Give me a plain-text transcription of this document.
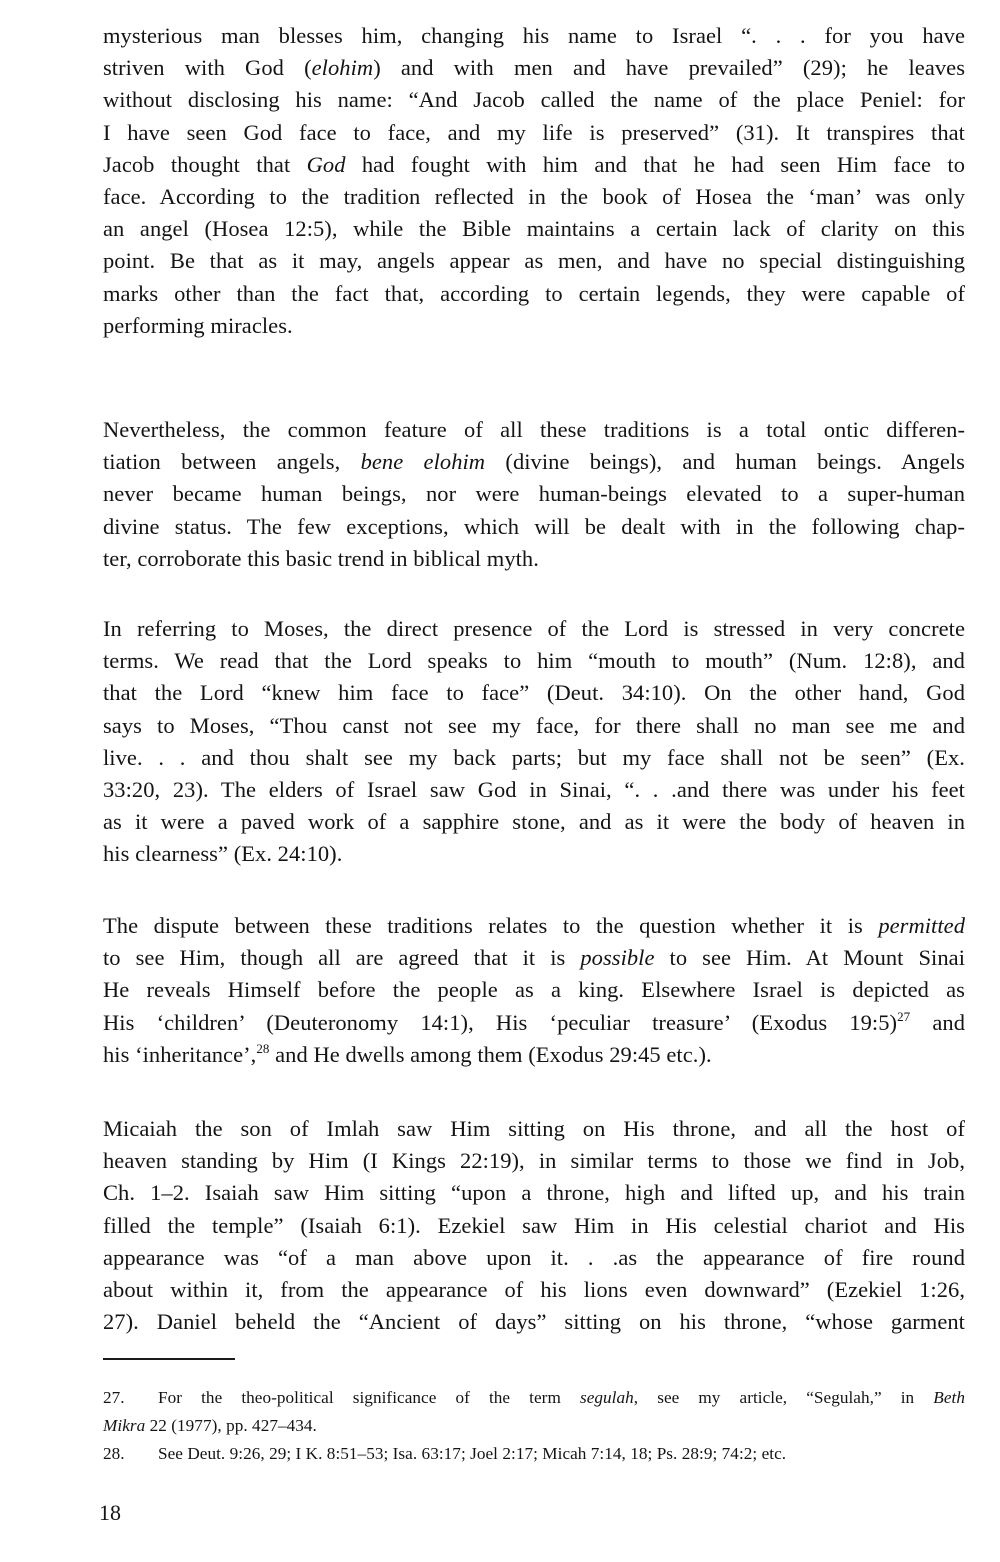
mysterious man blesses him, changing his name to Israel “. . . for you have
striven with God (elohim) and with men and have prevailed” (29); he leaves
without disclosing his name: “And Jacob called the name of the place Peniel: for
I have seen God face to face, and my life is preserved” (31). It transpires that
Jacob thought that God had fought with him and that he had seen Him face to
face. According to the tradition reflected in the book of Hosea the ‘man’ was only
an angel (Hosea 12:5), while the Bible maintains a certain lack of clarity on this
point. Be that as it may, angels appear as men, and have no special distinguishing
marks other than the fact that, according to certain legends, they were capable of
performing miracles.
Nevertheless, the common feature of all these traditions is a total ontic differen-
tiation between angels, bene elohim (divine beings), and human beings. Angels
never became human beings, nor were human-beings elevated to a super-human
divine status. The few exceptions, which will be dealt with in the following chap-
ter, corroborate this basic trend in biblical myth.
In referring to Moses, the direct presence of the Lord is stressed in very concrete
terms. We read that the Lord speaks to him “mouth to mouth” (Num. 12:8), and
that the Lord “knew him face to face” (Deut. 34:10). On the other hand, God
says to Moses, “Thou canst not see my face, for there shall no man see me and
live. . . and thou shalt see my back parts; but my face shall not be seen” (Ex.
33:20, 23). The elders of Israel saw God in Sinai, “. . .and there was under his feet
as it were a paved work of a sapphire stone, and as it were the body of heaven in
his clearness” (Ex. 24:10).
The dispute between these traditions relates to the question whether it is permitted
to see Him, though all are agreed that it is possible to see Him. At Mount Sinai
He reveals Himself before the people as a king. Elsewhere Israel is depicted as
His ‘children’ (Deuteronomy 14:1), His ‘peculiar treasure’ (Exodus 19:5)$^{27}$ and
his ‘inheritance’,$^{28}$ and He dwells among them (Exodus 29:45 etc.).
Micaiah the son of Imlah saw Him sitting on His throne, and all the host of
heaven standing by Him (I Kings 22:19), in similar terms to those we find in Job,
Ch. 1–2. Isaiah saw Him sitting “upon a throne, high and lifted up, and his train
filled the temple” (Isaiah 6:1). Ezekiel saw Him in His celestial chariot and His
appearance was “of a man above upon it. . .as the appearance of fire round
about within it, from the appearance of his lions even downward” (Ezekiel 1:26,
27). Daniel beheld the “Ancient of days” sitting on his throne, “whose garment
27. For the theo-political significance of the term segulah, see my article, “Segulah,” in Beth
Mikra 22 (1977), pp. 427–434.
28. See Deut. 9:26, 29; I K. 8:51–53; Isa. 63:17; Joel 2:17; Micah 7:14, 18; Ps. 28:9; 74:2; etc.
18
